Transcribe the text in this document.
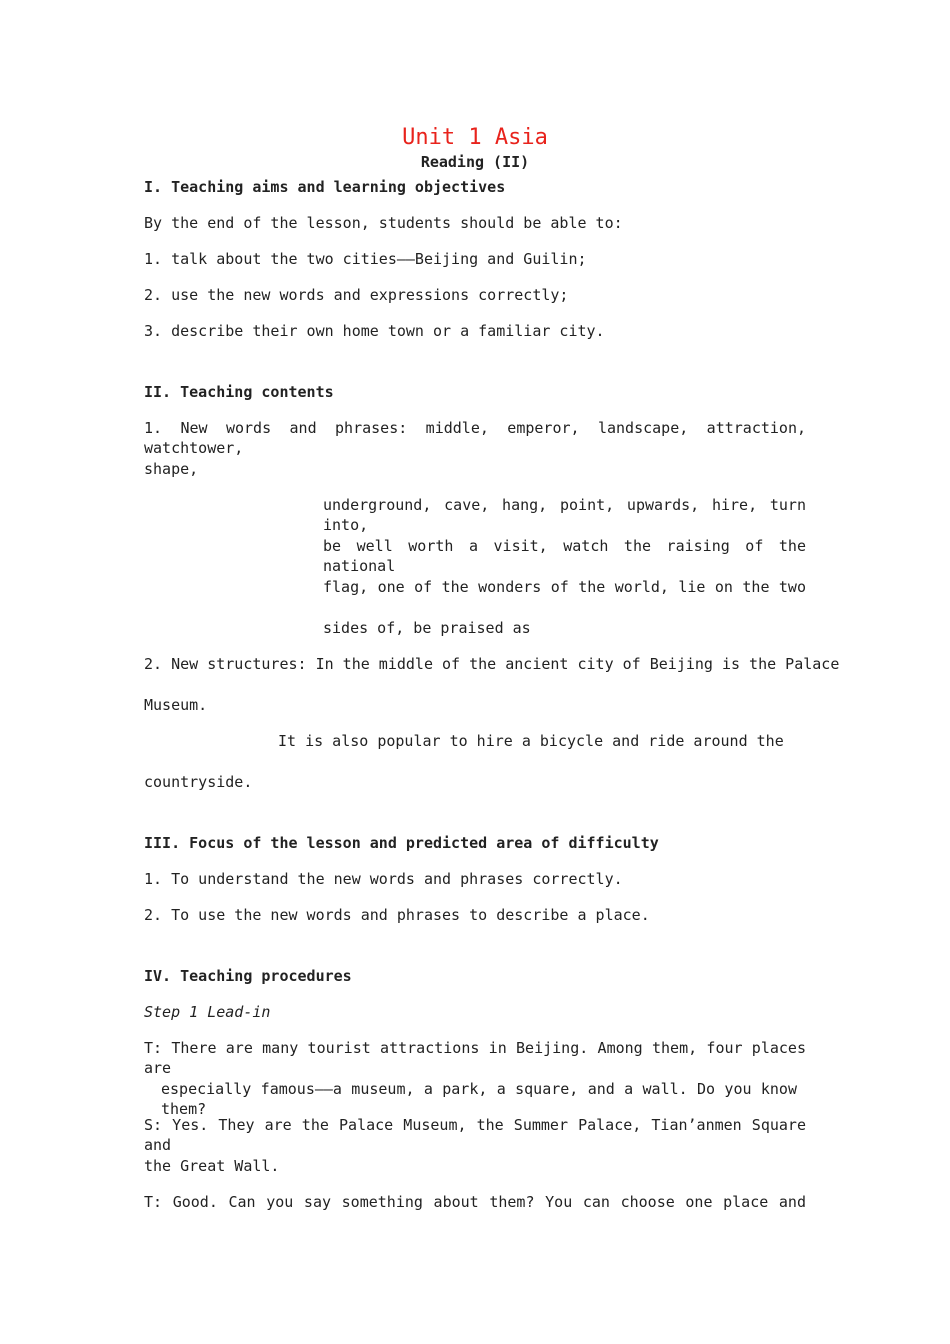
Unit 1 Asia
Reading (II)
I. Teaching aims and learning objectives
By the end of the lesson, students should be able to:
1. talk about the two cities——Beijing and Guilin;
2. use the new words and expressions correctly;
3. describe their own home town or a familiar city.
II. Teaching contents
1. New words and phrases: middle, emperor, landscape, attraction, watchtower,
shape,
underground, cave, hang, point, upwards, hire, turn into,
be well worth a visit, watch the raising of the national
flag, one of the wonders of the world, lie on the two
sides of, be praised as
2. New structures: In the middle of the ancient city of Beijing is the Palace
Museum.
It is also popular to hire a bicycle and ride around the
countryside.
III. Focus of the lesson and predicted area of difficulty
1. To understand the new words and phrases correctly.
2. To use the new words and phrases to describe a place.
IV. Teaching procedures
Step 1 Lead-in
T: There are many tourist attractions in Beijing. Among them, four places are
especially famous——a museum, a park, a square, and a wall. Do you know them?
S: Yes. They are the Palace Museum, the Summer Palace, Tian’anmen Square and
the Great Wall.
T: Good. Can you say something about them? You can choose one place and
